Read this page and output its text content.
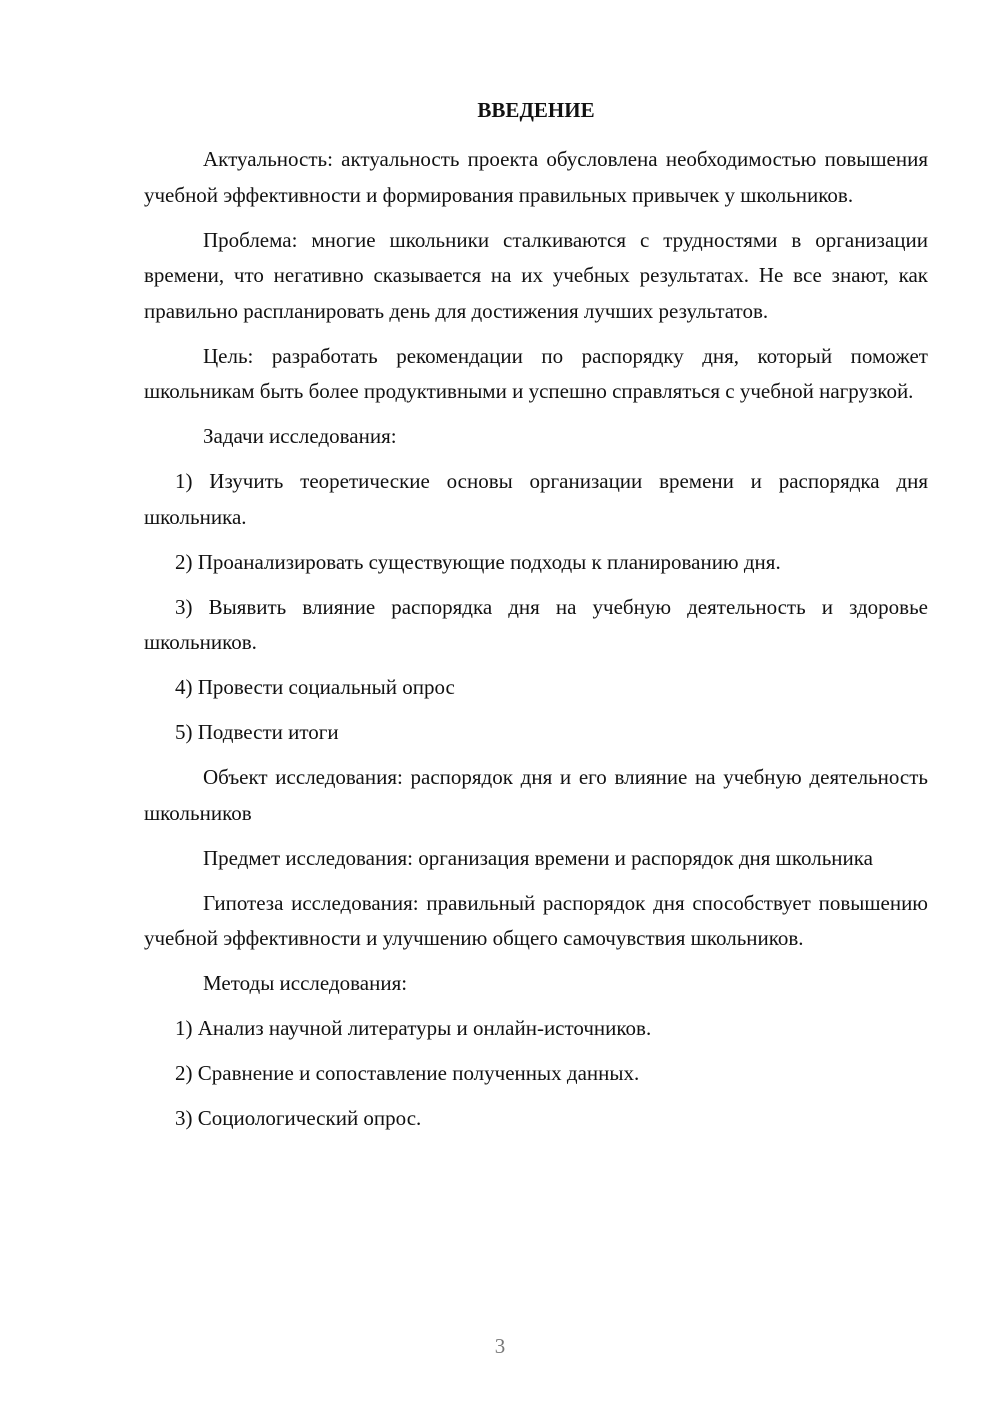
ВВЕДЕНИЕ

Актуальность: актуальность проекта обусловлена необходимостью повышения учебной эффективности и формирования правильных привычек у школьников.

Проблема: многие школьники сталкиваются с трудностями в организации времени, что негативно сказывается на их учебных результатах. Не все знают, как правильно распланировать день для достижения лучших результатов.

Цель: разработать рекомендации по распорядку дня, который поможет школьникам быть более продуктивными и успешно справляться с учебной нагрузкой.

Задачи исследования:

1) Изучить теоретические основы организации времени и распорядка дня школьника.

2) Проанализировать существующие подходы к планированию дня.

3) Выявить влияние распорядка дня на учебную деятельность и здоровье школьников.

4) Провести социальный опрос

5) Подвести итоги

Объект исследования: распорядок дня и его влияние на учебную деятельность школьников

Предмет исследования: организация времени и распорядок дня школьника

Гипотеза исследования: правильный распорядок дня способствует повышению учебной эффективности и улучшению общего самочувствия школьников.

Методы исследования:

1) Анализ научной литературы и онлайн-источников.

2) Сравнение и сопоставление полученных данных.

3) Социологический опрос.

3
